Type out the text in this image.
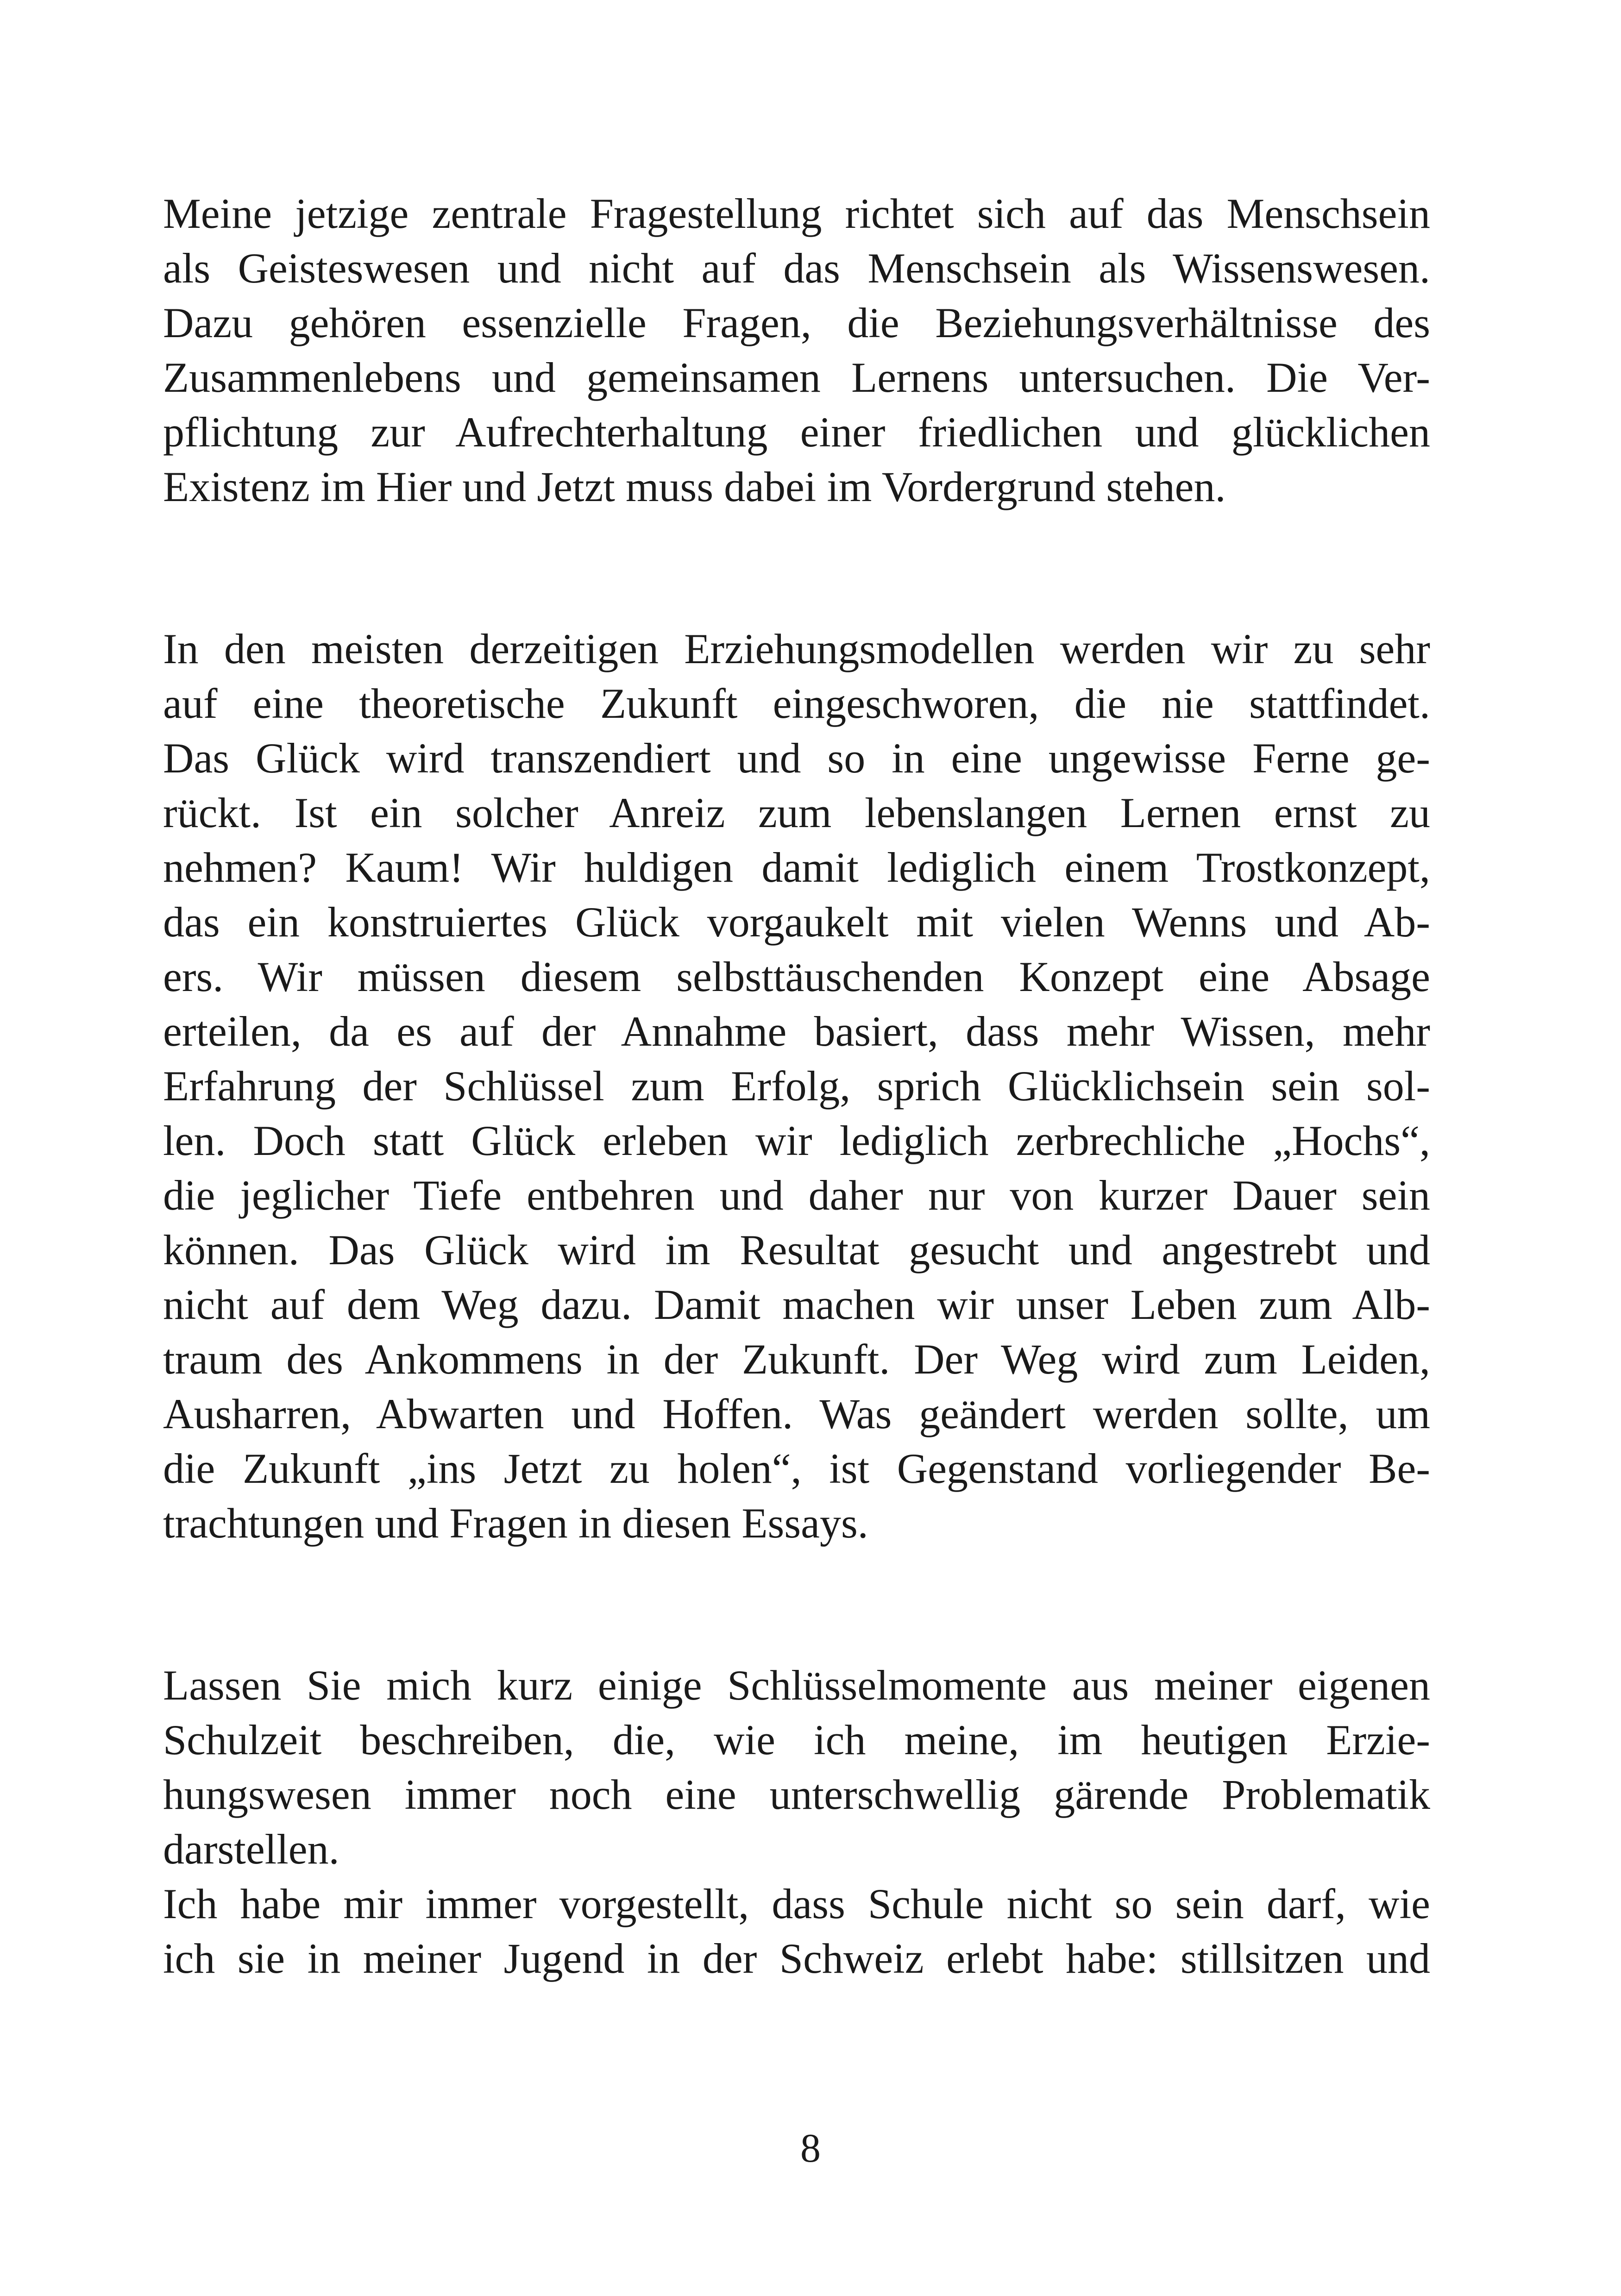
Meine jetzige zentrale Fragestellung richtet sich auf das Menschsein

als Geisteswesen und nicht auf das Menschsein als Wissenswesen.

Dazu gehören essenzielle Fragen, die Beziehungsverhältnisse des

Zusammenlebens und gemeinsamen Lernens untersuchen. Die Ver-

pflichtung zur Aufrechterhaltung einer friedlichen und glücklichen

Existenz im Hier und Jetzt muss dabei im Vordergrund stehen.

In den meisten derzeitigen Erziehungsmodellen werden wir zu sehr

auf eine theoretische Zukunft eingeschworen, die nie stattfindet.

Das Glück wird transzendiert und so in eine ungewisse Ferne ge-

rückt. Ist ein solcher Anreiz zum lebenslangen Lernen ernst zu

nehmen? Kaum! Wir huldigen damit lediglich einem Trostkonzept,

das ein konstruiertes Glück vorgaukelt mit vielen Wenns und Ab-

ers. Wir müssen diesem selbsttäuschenden Konzept eine Absage

erteilen, da es auf der Annahme basiert, dass mehr Wissen, mehr

Erfahrung der Schlüssel zum Erfolg, sprich Glücklichsein sein sol-

len. Doch statt Glück erleben wir lediglich zerbrechliche „Hochs“,

die jeglicher Tiefe entbehren und daher nur von kurzer Dauer sein

können. Das Glück wird im Resultat gesucht und angestrebt und

nicht auf dem Weg dazu. Damit machen wir unser Leben zum Alb-

traum des Ankommens in der Zukunft. Der Weg wird zum Leiden,

Ausharren, Abwarten und Hoffen. Was geändert werden sollte, um

die Zukunft „ins Jetzt zu holen“, ist Gegenstand vorliegender Be-

trachtungen und Fragen in diesen Essays.

Lassen Sie mich kurz einige Schlüsselmomente aus meiner eigenen

Schulzeit beschreiben, die, wie ich meine, im heutigen Erzie-

hungswesen immer noch eine unterschwellig gärende Problematik

darstellen.

Ich habe mir immer vorgestellt, dass Schule nicht so sein darf, wie

ich sie in meiner Jugend in der Schweiz erlebt habe: stillsitzen und

8
